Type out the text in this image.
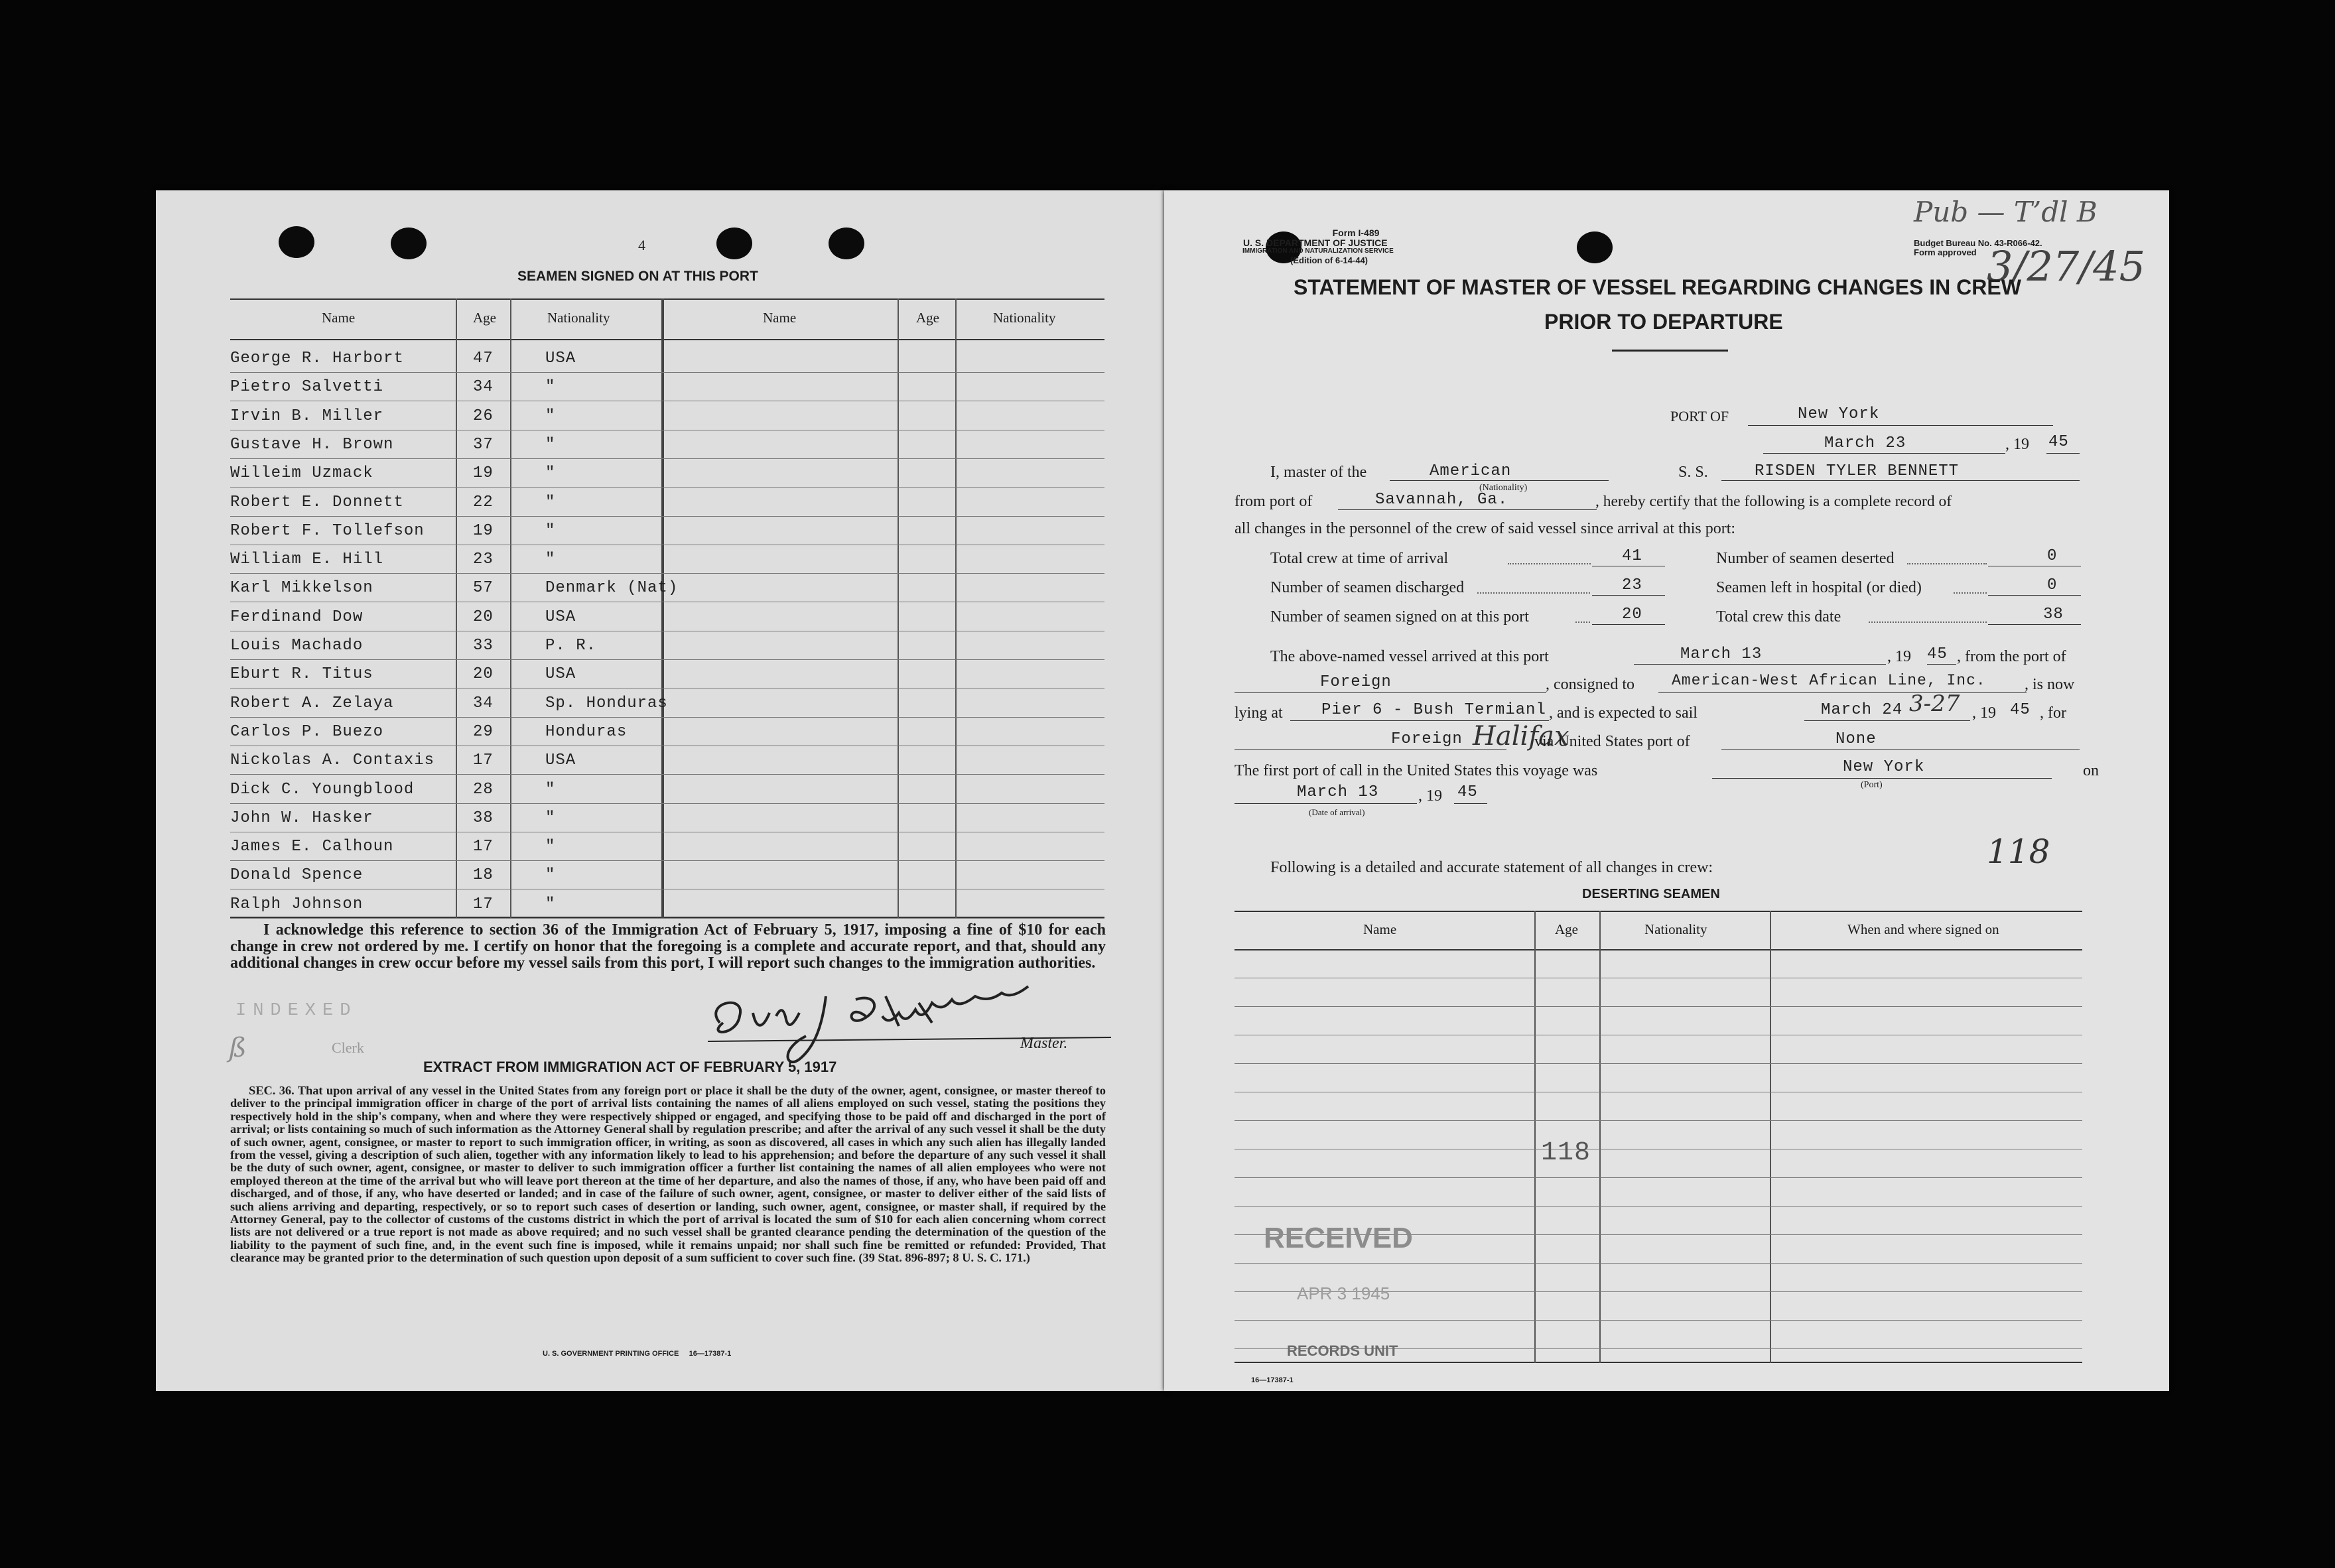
4
SEAMEN SIGNED ON AT THIS PORT
Name	Age	Nationality	Name	Age	Nationality
George R. Harbort	47	USA
Pietro Salvetti	34	"
Irvin B. Miller	26	"
Gustave H. Brown	37	"
Willeim Uzmack	19	"
Robert E. Donnett	22	"
Robert F. Tollefson	19	"
William E. Hill	23	"
Karl Mikkelson	57	Denmark (Nat)
Ferdinand Dow	20	USA
Louis Machado	33	P. R.
Eburt R. Titus	20	USA
Robert A. Zelaya	34	Sp. Honduras
Carlos P. Buezo	29	Honduras
Nickolas A. Contaxis 17	USA
Dick C. Youngblood	28	"
John W. Hasker	38	"
James E. Calhoun	17	"
Donald Spence	18	"
Ralph Johnson	17	"
I acknowledge this reference to section 36 of the Immigration Act of February 5, 1917, imposing a fine of $10 for each change in crew not ordered by me. I certify on honor that the foregoing is a complete and accurate report, and that, should any additional changes in crew occur before my vessel sails from this port, I will report such changes to the immigration authorities.
INDEXED
ß	Clerk	Master.
EXTRACT FROM IMMIGRATION ACT OF FEBRUARY 5, 1917
SEC. 36. That upon arrival of any vessel in the United States from any foreign port or place it shall be the duty of the owner, agent, consignee, or master thereof to deliver to the principal immigration officer in charge of the port of arrival lists containing the names of all aliens employed on such vessel, stating the positions they respectively hold in the ship's company, when and where they were respectively shipped or engaged, and specifying those to be paid off and discharged in the port of arrival; or lists containing so much of such information as the Attorney General shall by regulation prescribe; and after the arrival of any such vessel it shall be the duty of such owner, agent, consignee, or master to report to such immigration officer, in writing, as soon as discovered, all cases in which any such alien has illegally landed from the vessel, giving a description of such alien, together with any information likely to lead to his apprehension; and before the departure of any such vessel it shall be the duty of such owner, agent, consignee, or master to deliver to such immigration officer a further list containing the names of all alien employees who were not employed thereon at the time of the arrival but who will leave port thereon at the time of her departure, and also the names of those, if any, who have been paid off and discharged, and of those, if any, who have deserted or landed; and in case of the failure of such owner, agent, consignee, or master to deliver either of the said lists of such aliens arriving and departing, respectively, or so to report such cases of desertion or landing, such owner, agent, consignee, or master shall, if required by the Attorney General, pay to the collector of customs of the customs district in which the port of arrival is located the sum of $10 for each alien concerning whom correct lists are not delivered or a true report is not made as above required; and no such vessel shall be granted clearance pending the determination of the question of the liability to the payment of such fine, and, in the event such fine is imposed, while it remains unpaid; nor shall such fine be remitted or refunded: Provided, That clearance may be granted prior to the determination of such question upon deposit of a sum sufficient to cover such fine. (39 Stat. 896-897; 8 U. S. C. 171.)
U. S. GOVERNMENT PRINTING OFFICE     16—17387-1
Form I-489
U. S. DEPARTMENT OF JUSTICE
IMMIGRATION AND NATURALIZATION SERVICE
(Edition of 6-14-44)
Budget Bureau No. 43-R066-42.
Form approved
Pub — T’dl B
3/27/45
STATEMENT OF MASTER OF VESSEL REGARDING CHANGES IN CREW
PRIOR TO DEPARTURE
PORT OF	New York
March 23	, 19 45
I, master of the	American
(Nationality)
S. S.	RISDEN TYLER BENNETT
from port of	Savannah, Ga.	, hereby certify that the following is a complete record of
all changes in the personnel of the crew of said vessel since arrival at this port:
Total crew at time of arrival	41	Number of seamen deserted	0
Number of seamen discharged	23	Seamen left in hospital (or died)	0
Number of seamen signed on at this port	20	Total crew this date	38
The above-named vessel arrived at this port	March 13	, 19 45 , from the port of
Foreign	, consigned to American-West African Line, Inc. , is now
lying at Pier 6 - Bush Termianl , and is expected to sail	March 24 3-27 , 19 45 , for
Foreign Halifax
via United States port of	None
The first port of call in the United States this voyage was	New York
(Port)
on
March 13 , 19 45
(Date of arrival)
Following is a detailed and accurate statement of all changes in crew:	118
DESERTING SEAMEN
Name	Age	Nationality	When and where signed on
118
RECEIVED
APR 3 1945
RECORDS UNIT
16—17387-1
